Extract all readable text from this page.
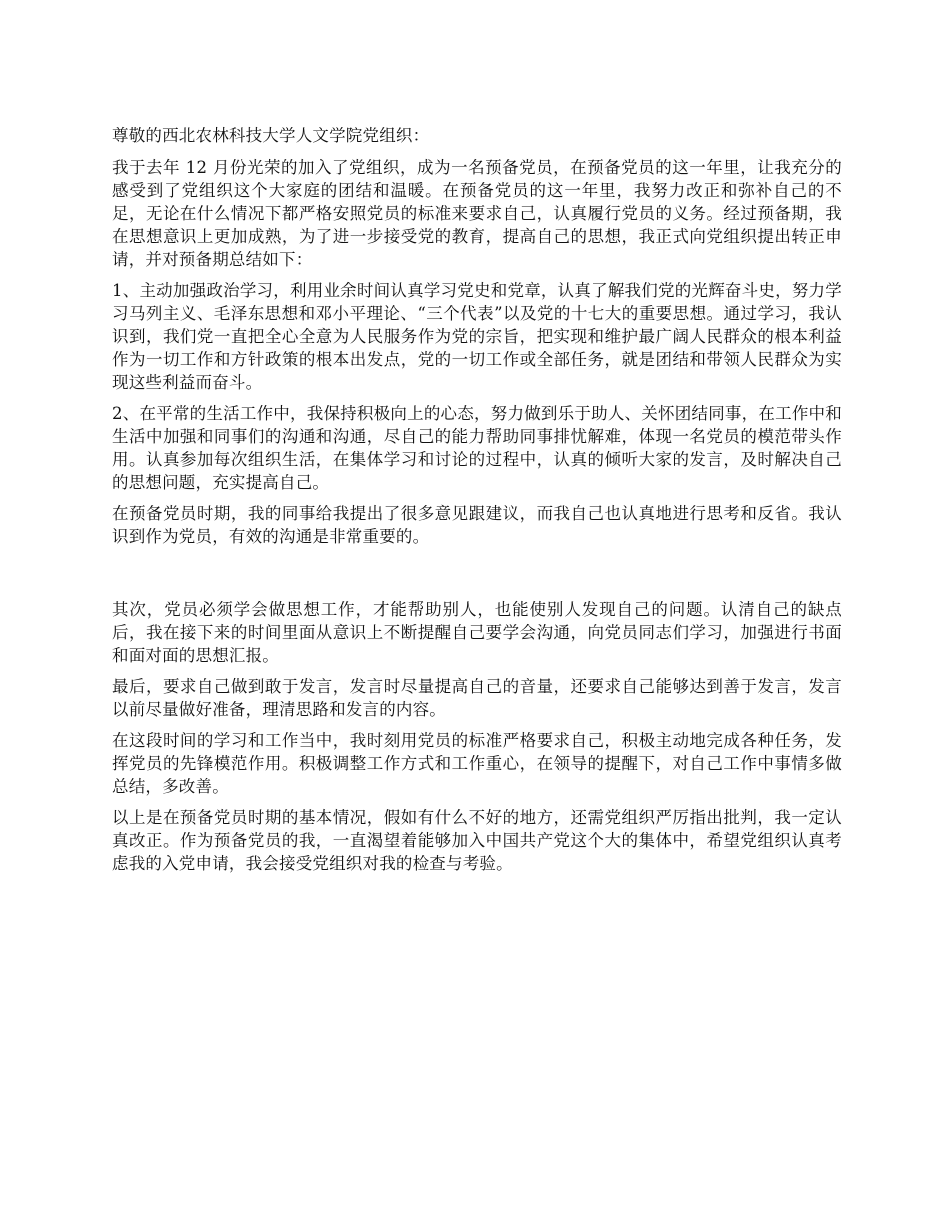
尊敬的西北农林科技大学人文学院党组织：

我于去年 12 月份光荣的加入了党组织，成为一名预备党员，在预备党员的这一年里，让我充分的感受到了党组织这个大家庭的团结和温暖。在预备党员的这一年里，我努力改正和弥补自己的不足，无论在什么情况下都严格安照党员的标准来要求自己，认真履行党员的义务。经过预备期，我在思想意识上更加成熟，为了进一步接受党的教育，提高自己的思想，我正式向党组织提出转正申请，并对预备期总结如下：

1、主动加强政治学习，利用业余时间认真学习党史和党章，认真了解我们党的光辉奋斗史，努力学习马列主义、毛泽东思想和邓小平理论、“三个代表”以及党的十七大的重要思想。通过学习，我认识到，我们党一直把全心全意为人民服务作为党的宗旨，把实现和维护最广阔人民群众的根本利益作为一切工作和方针政策的根本出发点，党的一切工作或全部任务，就是团结和带领人民群众为实现这些利益而奋斗。

2、在平常的生活工作中，我保持积极向上的心态，努力做到乐于助人、关怀团结同事，在工作中和生活中加强和同事们的沟通和沟通，尽自己的能力帮助同事排忧解难，体现一名党员的模范带头作用。认真参加每次组织生活，在集体学习和讨论的过程中，认真的倾听大家的发言，及时解决自己的思想问题，充实提高自己。

在预备党员时期，我的同事给我提出了很多意见跟建议，而我自己也认真地进行思考和反省。我认识到作为党员，有效的沟通是非常重要的。

其次，党员必须学会做思想工作，才能帮助别人，也能使别人发现自己的问题。认清自己的缺点后，我在接下来的时间里面从意识上不断提醒自己要学会沟通，向党员同志们学习，加强进行书面和面对面的思想汇报。

最后，要求自己做到敢于发言，发言时尽量提高自己的音量，还要求自己能够达到善于发言，发言以前尽量做好准备，理清思路和发言的内容。

在这段时间的学习和工作当中，我时刻用党员的标准严格要求自己，积极主动地完成各种任务，发挥党员的先锋模范作用。积极调整工作方式和工作重心，在领导的提醒下，对自己工作中事情多做总结，多改善。

以上是在预备党员时期的基本情况，假如有什么不好的地方，还需党组织严厉指出批判，我一定认真改正。作为预备党员的我，一直渴望着能够加入中国共产党这个大的集体中，希望党组织认真考虑我的入党申请，我会接受党组织对我的检查与考验。
